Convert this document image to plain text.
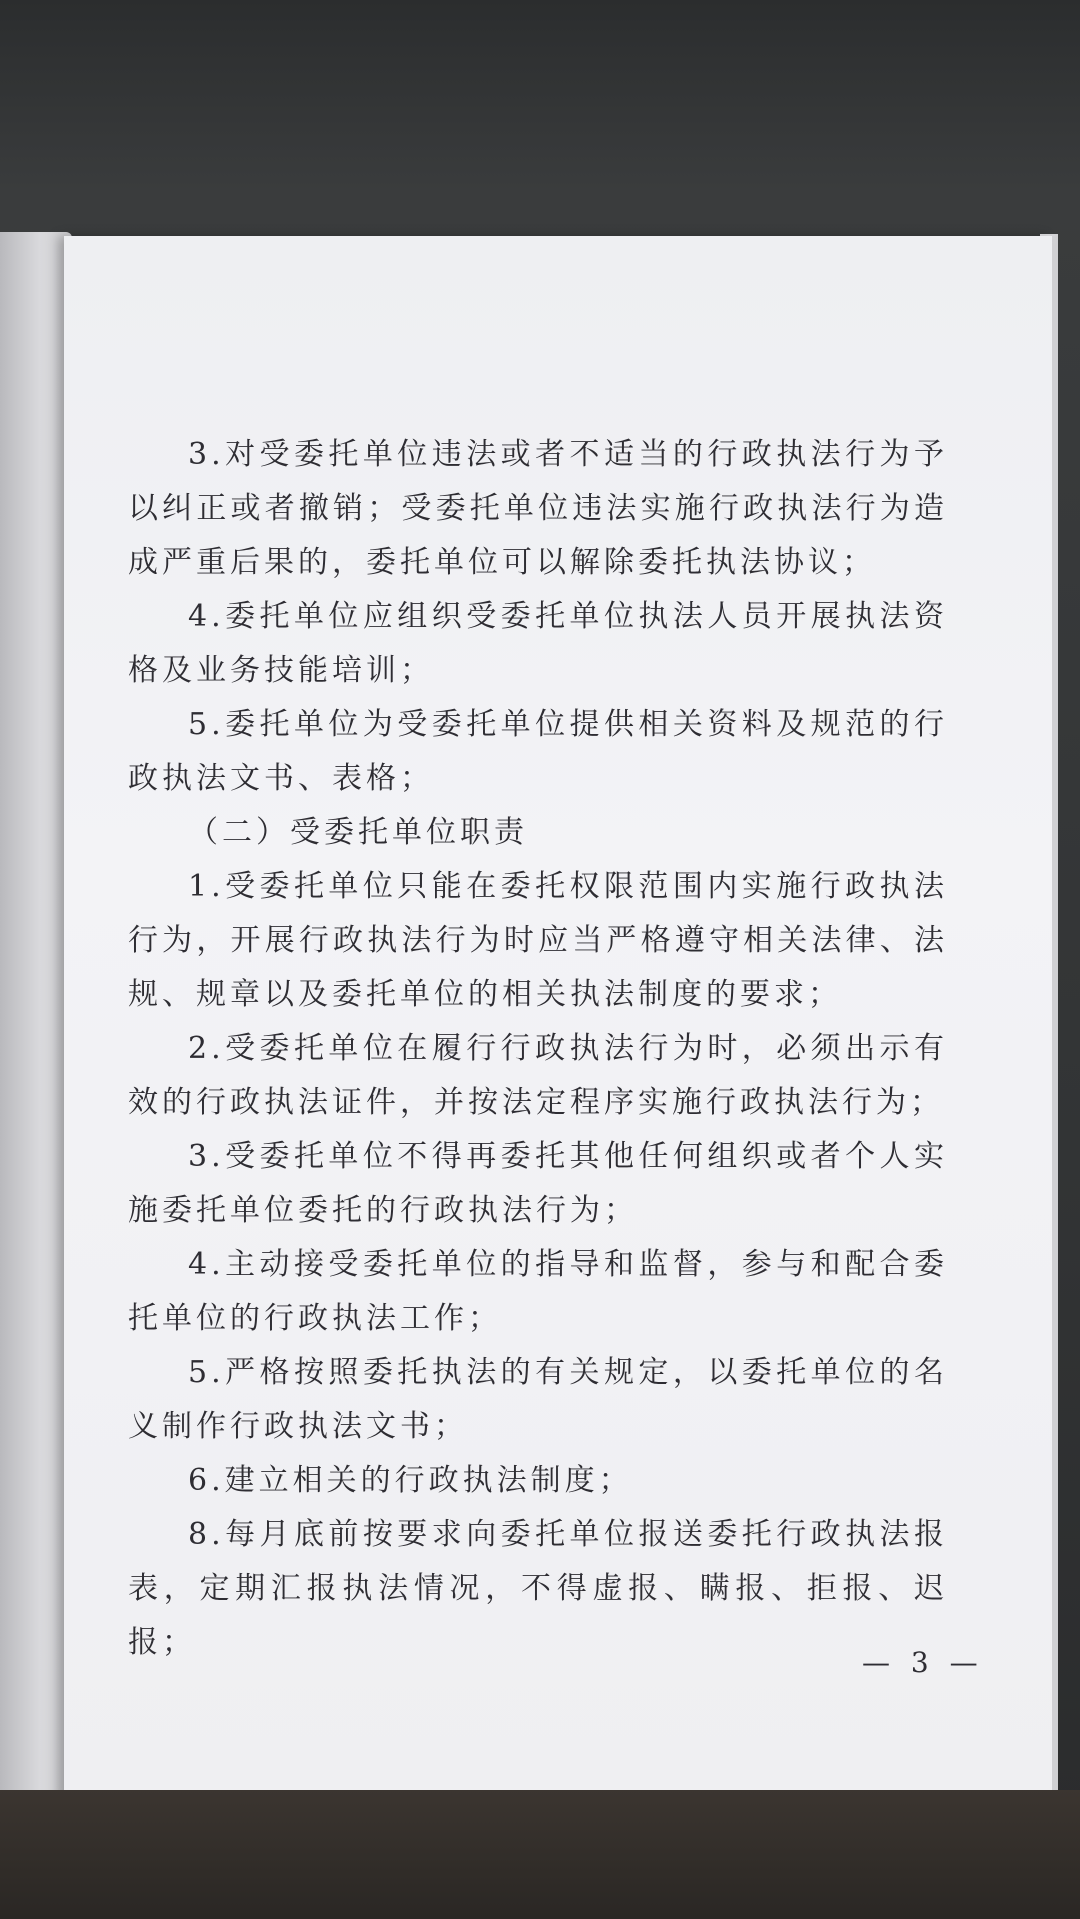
3.对受委托单位违法或者不适当的行政执法行为予以纠正或者撤销；受委托单位违法实施行政执法行为造成严重后果的，委托单位可以解除委托执法协议；

4.委托单位应组织受委托单位执法人员开展执法资格及业务技能培训；

5.委托单位为受委托单位提供相关资料及规范的行政执法文书、表格；

（二）受委托单位职责

1.受委托单位只能在委托权限范围内实施行政执法行为，开展行政执法行为时应当严格遵守相关法律、法规、规章以及委托单位的相关执法制度的要求；

2.受委托单位在履行行政执法行为时，必须出示有效的行政执法证件，并按法定程序实施行政执法行为；

3.受委托单位不得再委托其他任何组织或者个人实施委托单位委托的行政执法行为；

4.主动接受委托单位的指导和监督，参与和配合委托单位的行政执法工作；

5.严格按照委托执法的有关规定，以委托单位的名义制作行政执法文书；

6.建立相关的行政执法制度；

8.每月底前按要求向委托单位报送委托行政执法报表，定期汇报执法情况，不得虚报、瞒报、拒报、迟报；

— 3 —
